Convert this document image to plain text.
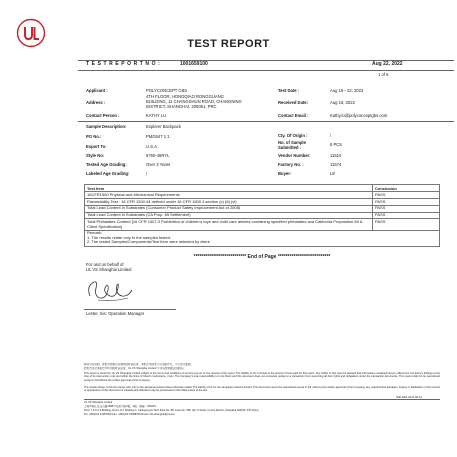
TEST REPORT
T E S T R E P O R T N O :	1001659100	Aug 22, 2022
1 of 6
Applicant :	POLYCONCEPT CBS
Address :
4TH FLOOR, HONGQIAO RONGGUANG
BUILDING, 11 CHANGSHUN ROAD, CHANGNING
DISTRICT, SHANGHAI, 200051, PRC
Contact Person :	KATHY LU
Test Date :	Aug 16 - 22, 2022
Received Date:	Aug 16, 2022
Contact Email :	Kathy.lu@polyconceptgbs.com
Sample Description:	Explorer Backpack
PO No.:	PMG647 1 1
Export To:	U.S.A.
Style No:	6760-45RYL
Tested Age Grading:	Over 3 Years
Labeled Age Grading:	/
Cty. Of Origin :	/
No. of Sample Submitted :
6 PCS
Vendor Number:	11510
Factory No. :	11574
Buyer:	LE
Test Item	Conclusion
16CFR1500 Physical and Mechanical Requirements	PASS
Flammability Test : 16 CFR 1500.44 defined under 16 CFR 1500.3 section (c) (6) (vi)	PASS
Total Lead Content in Substrates (Consumer Product Safety Improvement Act of 2008)	PASS
Total Lead Content in Substrates (CA Prop. 65 Settlement)	PASS
Total Phthalates Content [16 CFR 1307.3 Prohibition of children's toys and child care articles containing specified phthalates and California Proposition 65 & Client Specification]	PASS

Remark:
1. The results relate only to the samples tested.
2. The tested Samples/Components/Test Item were selected by client	
*************************** End of Page ***************************
For and on behalf of
UL VS Shanghai Limited
Lester, Xie: Operation Manager
除非另有说明，此报告结果仅对测试的样品负责，本报告未经本公司书面许可，不可部分复制。
此报告仅对本报告中所列的样品负责，UL VS Shanghai Limited 不对其结果做任何担保。
This report is issued by UL VS Shanghai Limited subject to the terms and conditions of service set out on the reverse of the report. The liability of UL is limited to the amount of fees paid for this report. Any holder of this report is advised that information contained hereon reflects the Company's findings at the time of its intervention only and within the limits of Client's instructions, if any. The Company's sole responsibility is to its Client and this document does not exonerate parties to a transaction from exercising all their rights and obligations under the transaction documents. This report shall not be reproduced except in full without the written approval of the Company.
The results shown in this test report refer only to the sample(s) tested unless otherwise stated. The liability of UL for the sample(s) tested is limited. This document cannot be reproduced except in full, without prior written approval of the Company. Any unauthorized alteration, forgery or falsification of the content or appearance of this document is unlawful and offenders may be prosecuted to the fullest extent of the law.
SHF-RD1-LR-R-08-GL
UL VS Shanghai Limited
上海市徐汇区宜山路1388号民润大厦2楼，2楼，邮编：200233
Floor 7 & 8 2,3 Building, Room 1/3, Building 4, Caohejing Hi-Tech Park No. 88, Lane No. 188, Qin Yi Road, Xu Hui District, Shanghai 200233, P.R.China
Tel: +86(0)21 61057000 Fax: +86(0)21 64958700 Email: info.shanghai@ul.com
